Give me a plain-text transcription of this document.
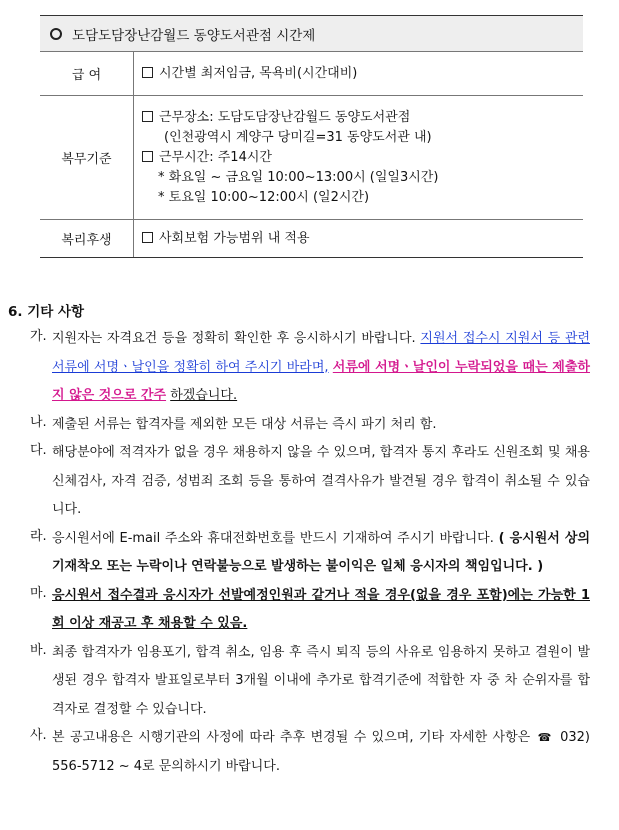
도담도담장난감월드 동양도서관점 시간제	
급 여	시간별 최저임금, 목욕비(시간대비)
복무기준	근무장소: 도담도담장난감월드 동양도서관점
(인천광역시 계양구 당미길=31 동양도서관 내)
근무시간: 주14시간
* 화요일 ~ 금요일 10:00~13:00시 (일일3시간)
* 토요일 10:00~12:00시 (일2시간)

복리후생	사회보험 가능범위 내 적용
6. 기타 사항
가. 지원자는 자격요건 등을 정확히 확인한 후 응시하시기 바랍니다. 지원서 접수시 지원서 등 관련 서류에 서명ㆍ날인을 정확히 하여 주시기 바라며, 서류에 서명ㆍ날인이 누락되었을 때는 제출하지 않은 것으로 간주 하겠습니다.
나. 제출된 서류는 합격자를 제외한 모든 대상 서류는 즉시 파기 처리 함.
다. 해당분야에 적격자가 없을 경우 채용하지 않을 수 있으며, 합격자 통지 후라도 신원조회 및 채용신체검사, 자격 검증, 성범죄 조회 등을 통하여 결격사유가 발견될 경우 합격이 취소될 수 있습니다.
라. 응시원서에 E-mail 주소와 휴대전화번호를 반드시 기재하여 주시기 바랍니다. ( 응시원서 상의 기재착오 또는 누락이나 연락불능으로 발생하는 불이익은 일체 응시자의 책임입니다. )
마. 응시원서 접수결과 응시자가 선발예정인원과 같거나 적을 경우(없을 경우 포함)에는 가능한 1회 이상 재공고 후 채용할 수 있음.
바. 최종 합격자가 임용포기, 합격 취소, 임용 후 즉시 퇴직 등의 사유로 임용하지 못하고 결원이 발생된 경우 합격자 발표일로부터 3개월 이내에 추가로 합격기준에 적합한 자 중 차 순위자를 합격자로 결정할 수 있습니다.
사. 본 공고내용은 시행기관의 사정에 따라 추후 변경될 수 있으며, 기타 자세한 사항은 ☎ 032) 556-5712 ~ 4로 문의하시기 바랍니다.
